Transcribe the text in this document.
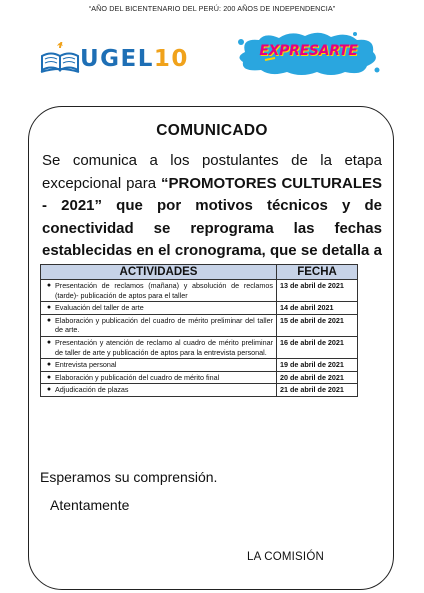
“AÑO DEL BICENTENARIO DEL PERÚ: 200 AÑOS DE INDEPENDENCIA”
UGEL10	EXPRESARTE
COMUNICADO
Se comunica a los postulantes de la etapa excepcional para “PROMOTORES CULTURALES - 2021” que por motivos técnicos y de conectividad se reprograma las fechas establecidas en el cronograma, que se detalla a
ACTIVIDADES	FECHA

● Presentación de reclamos (mañana) y absolución de reclamos (tarde)- publicación de aptos para el taller	13 de abril de 2021

● Evaluación del taller de arte	14 de abril 2021

● Elaboración y publicación del cuadro de mérito preliminar del taller de arte.	15 de abril de 2021

● Presentación y atención de reclamo al cuadro de mérito preliminar de taller de arte y publicación de aptos para la entrevista personal.	16 de abril de 2021

● Entrevista personal	19 de abril de 2021

● Elaboración y publicación del cuadro de mérito final	20 de abril de 2021

● Adjudicación de plazas	21 de abril de 2021
Esperamos su comprensión.
Atentamente
LA COMISIÓN
